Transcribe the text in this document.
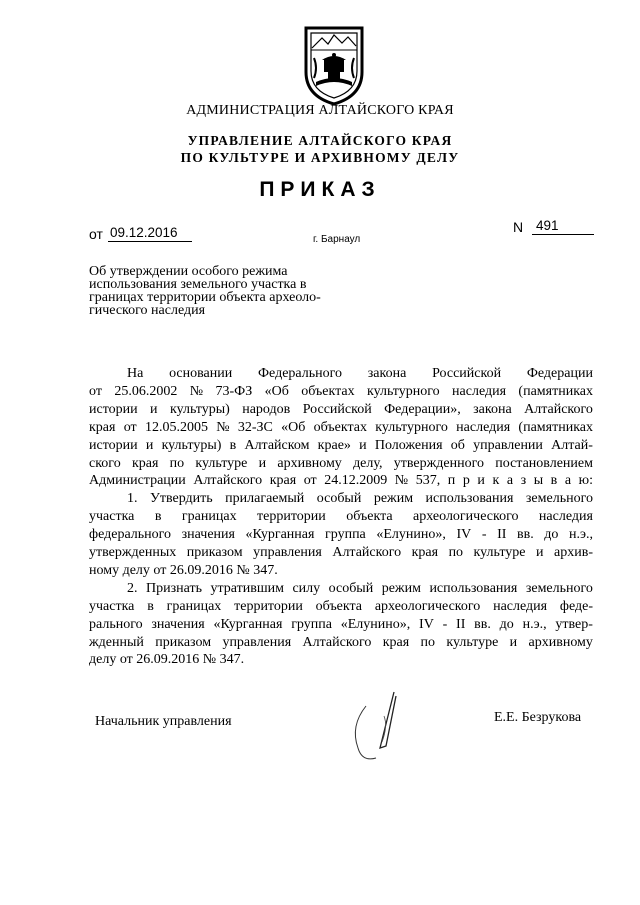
АДМИНИСТРАЦИЯ АЛТАЙСКОГО КРАЯ
УПРАВЛЕНИЕ АЛТАЙСКОГО КРАЯ
ПО КУЛЬТУРЕ И АРХИВНОМУ ДЕЛУ
ПРИКАЗ
от 09.12.2016	г. Барнаул
N 491
Об утверждении особого режима
использования земельного участка в
границах территории объекта археоло-
гического наследия
На основании Федерального закона Российской Федерации
от 25.06.2002 № 73-ФЗ «Об объектах культурного наследия (памятниках
истории и культуры) народов Российской Федерации», закона Алтайского
края от 12.05.2005 № 32-ЗС «Об объектах культурного наследия (памятниках
истории и культуры) в Алтайском крае» и Положения об управлении Алтай-
ского края по культуре и архивному делу, утвержденного постановлением
Администрации Алтайского края от 24.12.2009 № 537, п р и к а з ы в а ю:
1. Утвердить прилагаемый особый режим использования земельного
участка в границах территории объекта археологического наследия
федерального значения «Курганная группа «Елунино», IV - II вв. до н.э.,
утвержденных приказом управления Алтайского края по культуре и архив-
ному делу от 26.09.2016 № 347.
2. Признать утратившим силу особый режим использования земельного
участка в границах территории объекта археологического наследия феде-
рального значения «Курганная группа «Елунино», IV - II вв. до н.э., утвер-
жденный приказом управления Алтайского края по культуре и архивному
делу от 26.09.2016 № 347.
Начальник управления	Е.Е. Безрукова
